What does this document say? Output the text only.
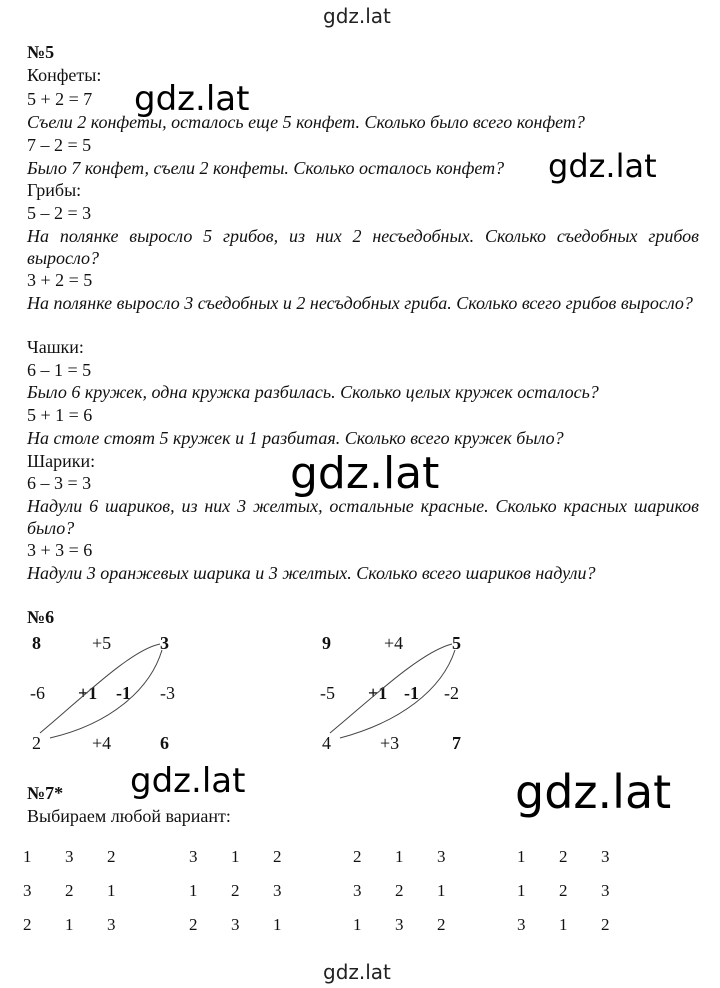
gdz.lat
№5
Конфеты:
5 + 2 = 7
Съели 2 конфеты, осталось еще 5 конфет. Сколько было всего конфет?
7 – 2 = 5
Было 7 конфет, съели 2 конфеты. Сколько осталось конфет?
Грибы:
5 – 2 = 3
На полянке выросло 5 грибов, из них 2 несъедобных. Сколько съедобных грибов выросло?
3 + 2 = 5
На полянке выросло 3 съедобных и 2 несъдобных гриба. Сколько всего грибов выросло?
Чашки:
6 – 1 = 5
Было 6 кружек, одна кружка разбилась. Сколько целых кружек осталось?
5 + 1 = 6
На столе стоят 5 кружек и 1 разбитая. Сколько всего кружек было?
Шарики:
6 – 3 = 3
Надули 6 шариков, из них 3 желтых, остальные красные. Сколько красных шариков было?
3 + 3 = 6
Надули 3 оранжевых шарика и 3 желтых. Сколько всего шариков надули?
№6
8	+5	3
-6 +1 -1 -3
2	+4	6
9	+4	5
-5 +1 -1 -2
4	+3	7
№7*
Выбираем любой вариант:
1	3	2
3	2	1
2	1	3
3	1	2
1	2	3
2	3	1
2	1	3
3	2	1
1	3	2
1	2	3
1	2	3
3	1	2
gdz.lat
gdz.lat
gdz.lat
gdz.lat	gdz.lat
gdz.lat
